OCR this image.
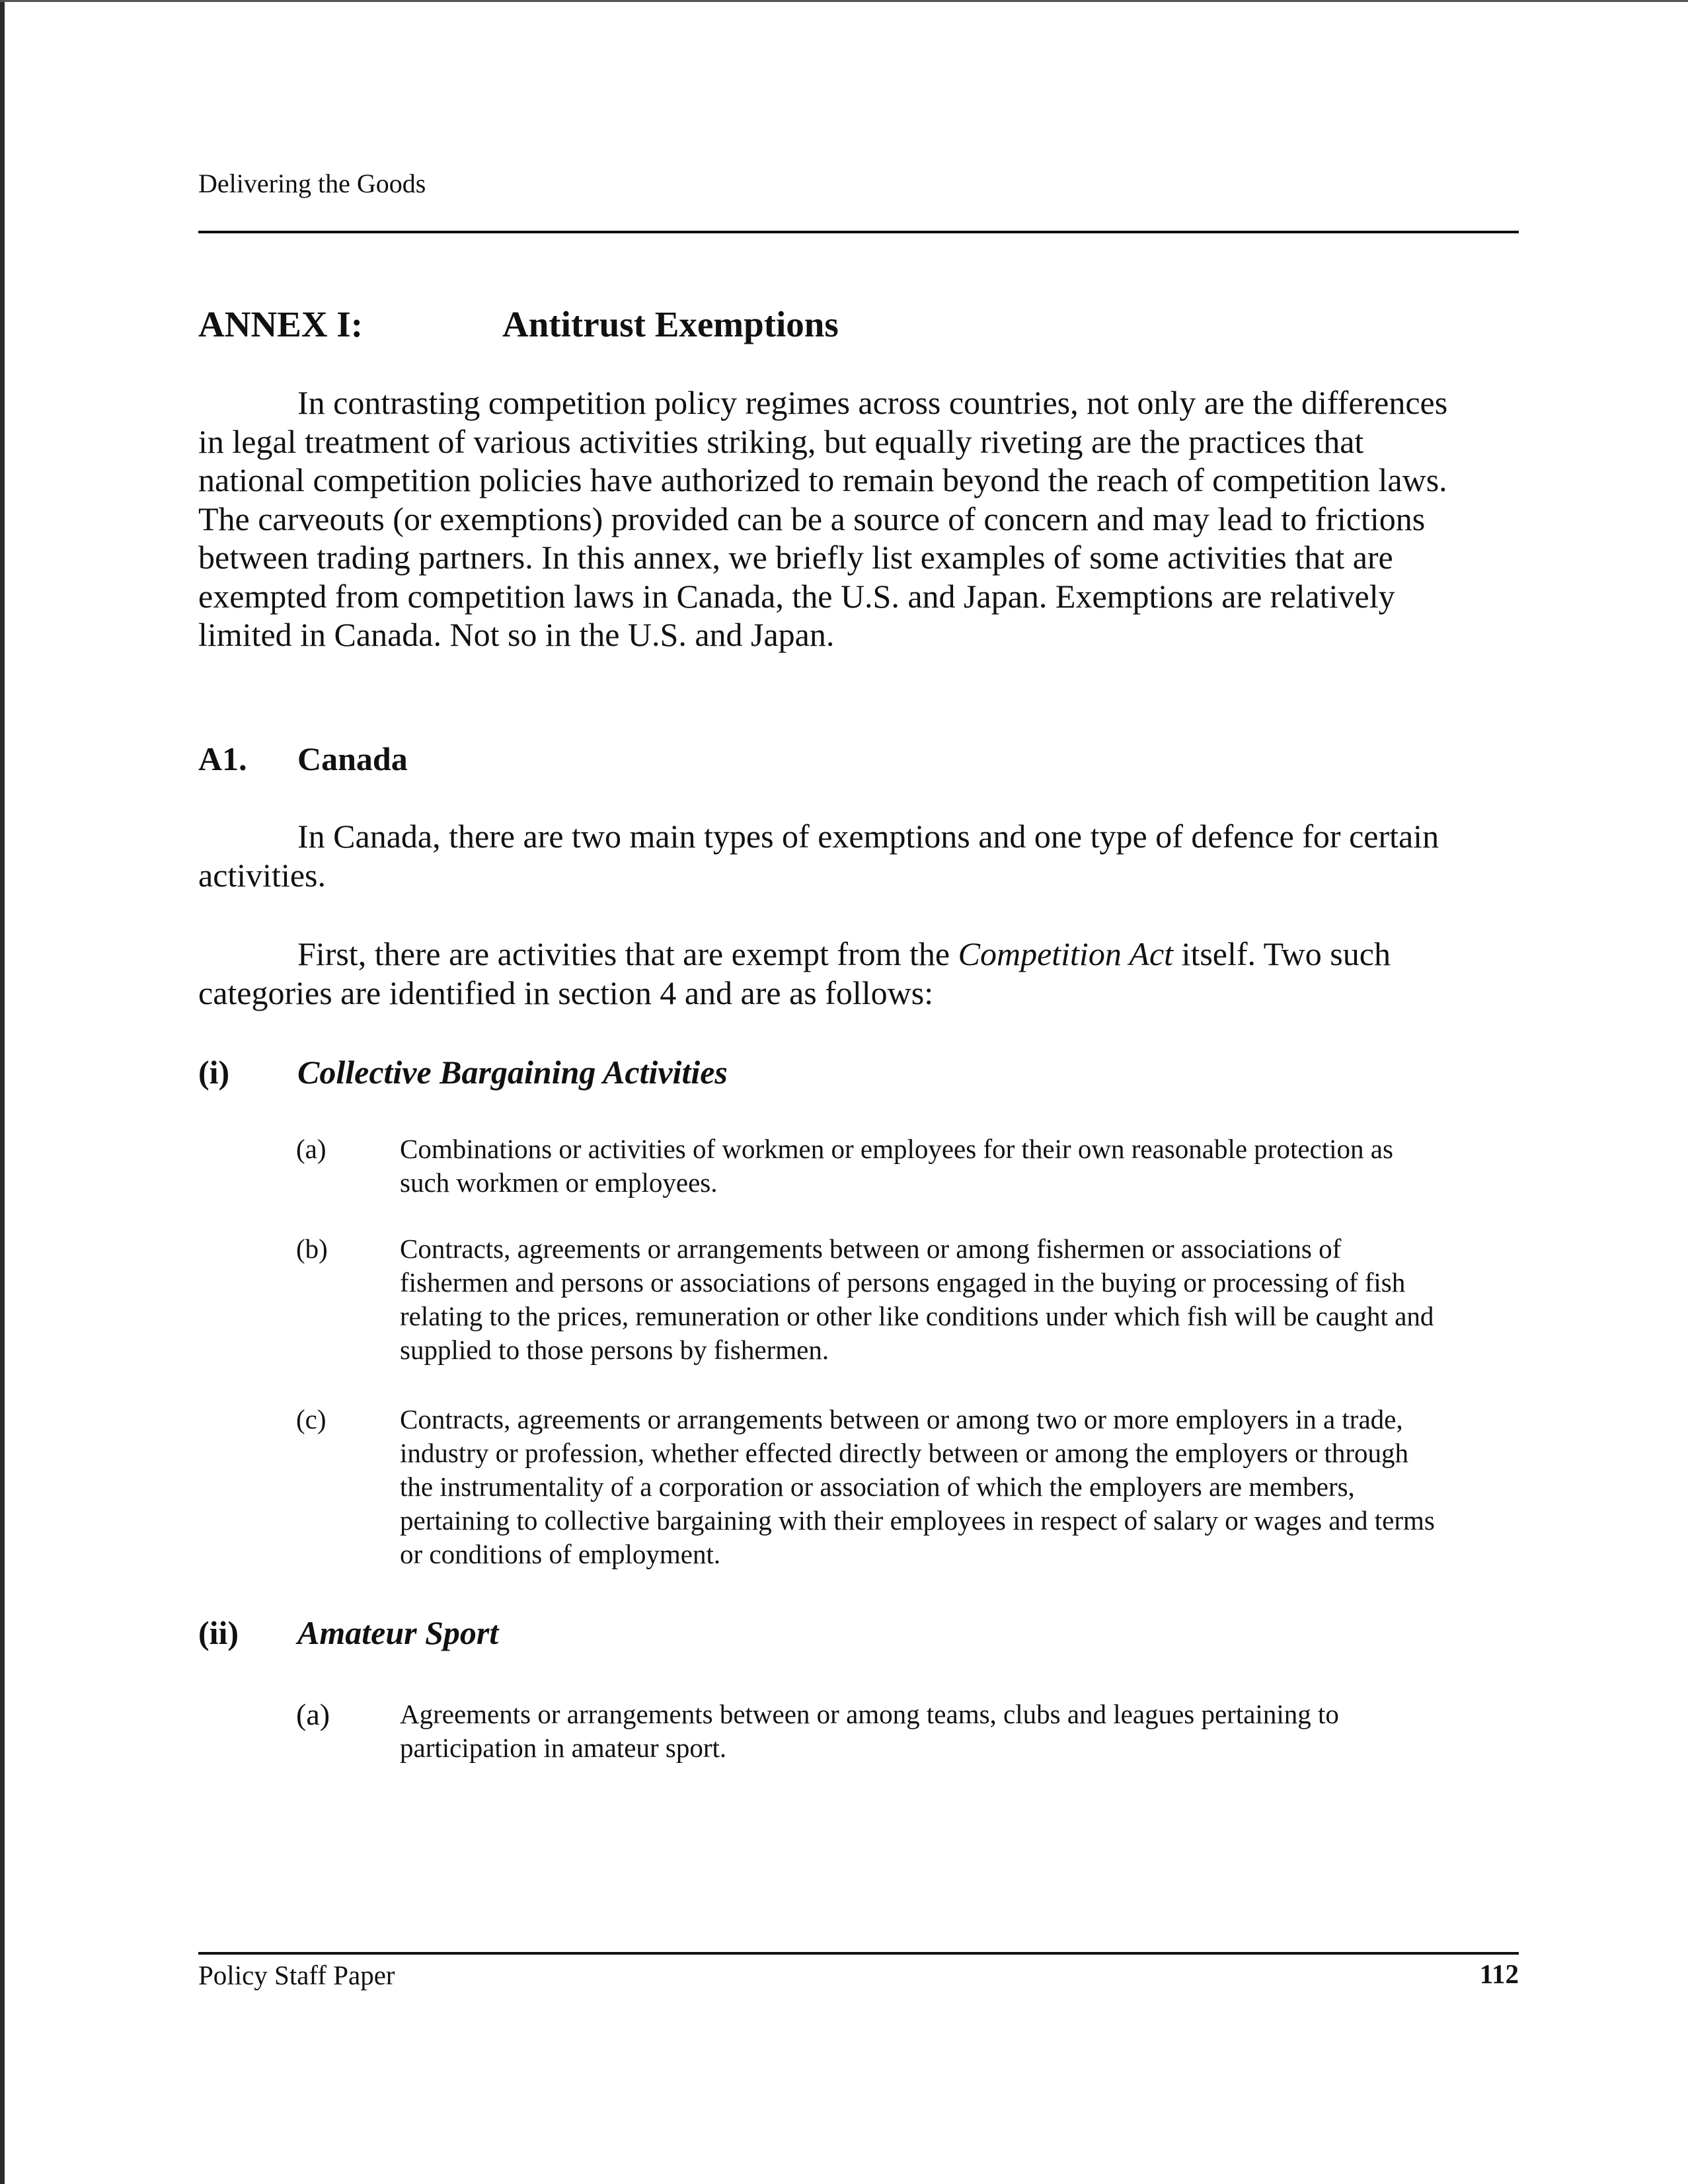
Delivering the Goods
ANNEX I:	Antitrust Exemptions
In contrasting competition policy regimes across countries, not only are the differences
in legal treatment of various activities striking, but equally riveting are the practices that
national competition policies have authorized to remain beyond the reach of competition laws.
The carveouts (or exemptions) provided can be a source of concern and may lead to frictions
between trading partners. In this annex, we briefly list examples of some activities that are
exempted from competition laws in Canada, the U.S. and Japan. Exemptions are relatively
limited in Canada. Not so in the U.S. and Japan.
A1. Canada
In Canada, there are two main types of exemptions and one type of defence for certain
activities.
First, there are activities that are exempt from the Competition Act itself. Two such
categories are identified in section 4 and are as follows:
(i) Collective Bargaining Activities
(a)	Combinations or activities of workmen or employees for their own reasonable protection as
such workmen or employees.
(b)	Contracts, agreements or arrangements between or among fishermen or associations of
fishermen and persons or associations of persons engaged in the buying or processing of fish
relating to the prices, remuneration or other like conditions under which fish will be caught and
supplied to those persons by fishermen.
(c)	Contracts, agreements or arrangements between or among two or more employers in a trade,
industry or profession, whether effected directly between or among the employers or through
the instrumentality of a corporation or association of which the employers are members,
pertaining to collective bargaining with their employees in respect of salary or wages and terms
or conditions of employment.
(ii) Amateur Sport
(a)	Agreements or arrangements between or among teams, clubs and leagues pertaining to
participation in amateur sport.
Policy Staff Paper	112
